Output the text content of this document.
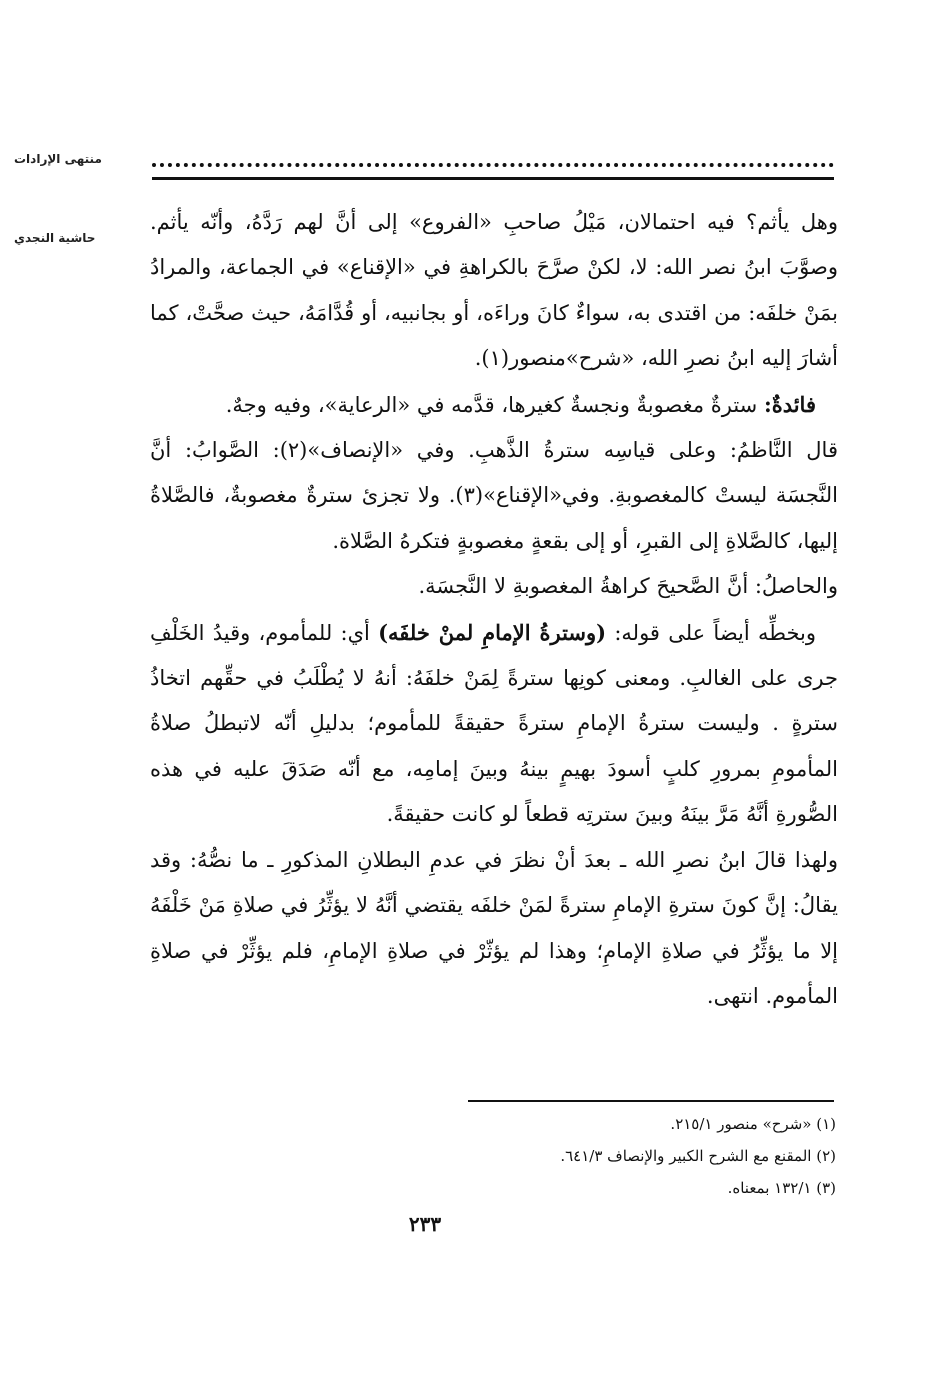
منتهى الإرادات
حاشية النجدي

وهل يأثم؟ فيه احتمالان، مَيْلُ صاحبِ «الفروع» إلى أنَّ لهم رَدَّهُ، وأنّه يأثم. وصوَّبَ ابنُ نصر الله: لا، لكنْ صرَّحَ بالكراهةِ في «الإقناع» في الجماعة، والمرادُ بمَنْ خلفَه: من اقتدى به، سواءٌ كانَ وراءَه، أو بجانبيه، أو قُدَّامَهُ، حيث صحَّتْ، كما أشارَ إليه ابنُ نصرِ الله، «شرح»منصور(١).

فائدةٌ: سترةٌ مغصوبةٌ ونجسةٌ كغيرها، قدَّمه في «الرعاية»، وفيه وجهٌ.

قال النَّاظمُ: وعلى قياسِه سترةُ الذَّهبِ. وفي «الإنصاف»(٢): الصَّوابُ: أنَّ النَّجسَة ليستْ كالمغصوبةِ. وفي«الإقناع»(٣). ولا تجزئ سترةٌ مغصوبةٌ، فالصَّلاةُ إليها، كالصَّلاةِ إلى القبرِ، أو إلى بقعةٍ مغصوبةٍ فتكرهُ الصَّلاة.

والحاصلُ: أنَّ الصَّحيحَ كراهةُ المغصوبةِ لا النَّجسَة.

وبخطِّه أيضاً على قوله: (وسترةُ الإمامِ لمنْ خلفَه) أي: للمأموم، وقيدُ الخَلْفِ جرى على الغالبِ. ومعنى كونِها سترةً لِمَنْ خلفَهُ: أنهُ لا يُطْلَبُ في حقِّهم اتخاذُ سترةٍ . وليست سترةُ الإمامِ سترةً حقيقةً للمأموم؛ بدليلِ أنّه لاتبطلُ صلاةُ المأمومِ بمرورِ كلبٍ أسودَ بهيمٍ بينهُ وبينَ إمامِه، مع أنّه صَدَقَ عليه في هذه الصُّورةِ أنَّهُ مَرَّ بينَهُ وبينَ سترتِه قطعاً لو كانت حقيقةً.

ولهذا قالَ ابنُ نصرِ الله ـ بعدَ أنْ نظرَ في عدمِ البطلانِ المذكورِ ـ ما نصُّهُ: وقد يقالُ: إنَّ كونَ سترةِ الإمامِ سترةً لمَنْ خلفَه يقتضي أنَّهُ لا يؤثِّرُ في صلاةِ مَنْ خَلْفَهُ إلا ما يؤثِّرُ في صلاةِ الإمامِ؛ وهذا لم يؤثّرْ في صلاةِ الإمامِ، فلم يؤثِّرْ في صلاةِ المأموم. انتهى.

(١) «شرح» منصور ٢١٥/١.
(٢) المقنع مع الشرح الكبير والإنصاف ٦٤١/٣.
(٣) ١٣٢/١ بمعناه.
٢٣٣
